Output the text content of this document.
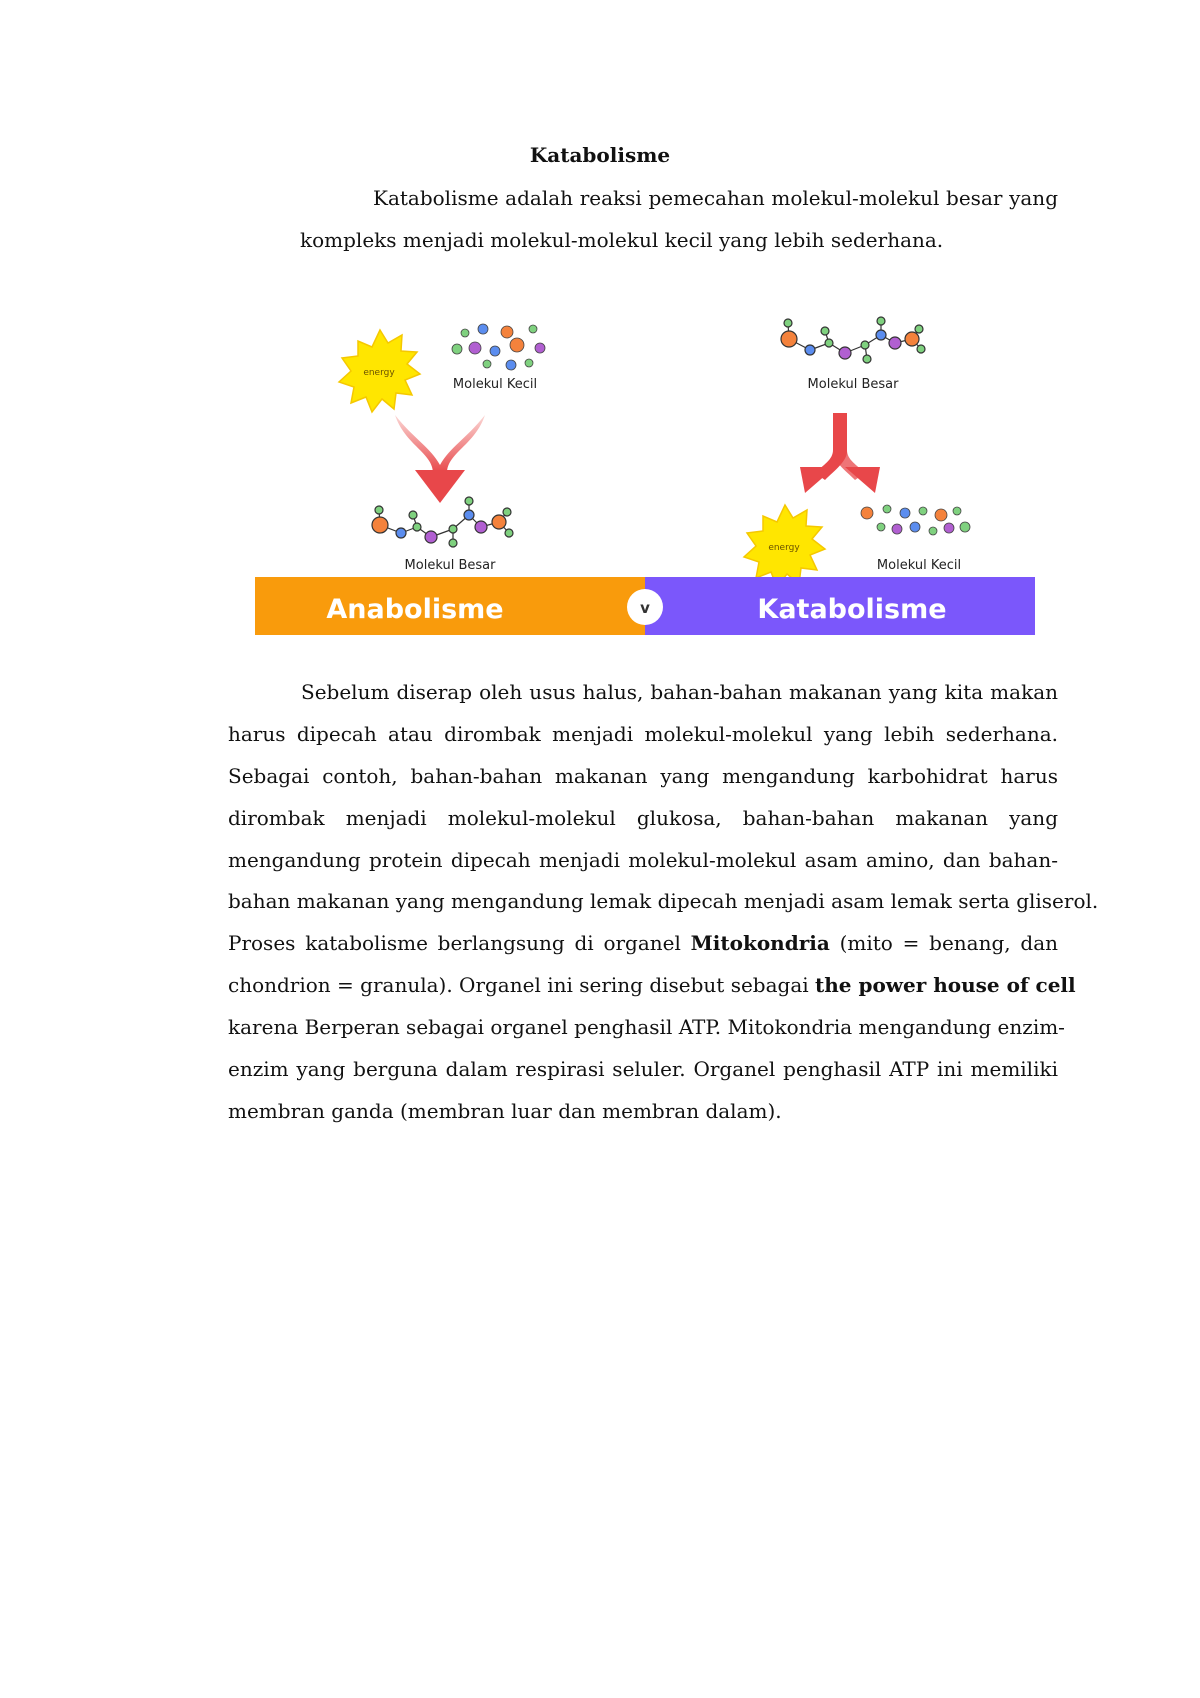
Katabolisme
Katabolisme adalah reaksi pemecahan molekul-molekul besar yang
kompleks menjadi molekul-molekul kecil yang lebih sederhana.
energy
Molekul Kecil
Molekul Besar
Molekul Besar
energy
Molekul Kecil
Anabolisme	Katabolisme
v
Sebelum diserap oleh usus halus, bahan-bahan makanan yang kita makan
harus dipecah atau dirombak menjadi molekul-molekul yang lebih sederhana.
Sebagai contoh, bahan-bahan makanan yang mengandung karbohidrat harus
dirombak menjadi molekul-molekul glukosa, bahan-bahan makanan yang
mengandung protein dipecah menjadi molekul-molekul asam amino, dan bahan-
bahan makanan yang mengandung lemak dipecah menjadi asam lemak serta gliserol.
Proses katabolisme berlangsung di organel Mitokondria (mito = benang, dan
chondrion = granula). Organel ini sering disebut sebagai the power house of cell
karena Berperan sebagai organel penghasil ATP. Mitokondria mengandung enzim-
enzim yang berguna dalam respirasi seluler. Organel penghasil ATP ini memiliki
membran ganda (membran luar dan membran dalam).
